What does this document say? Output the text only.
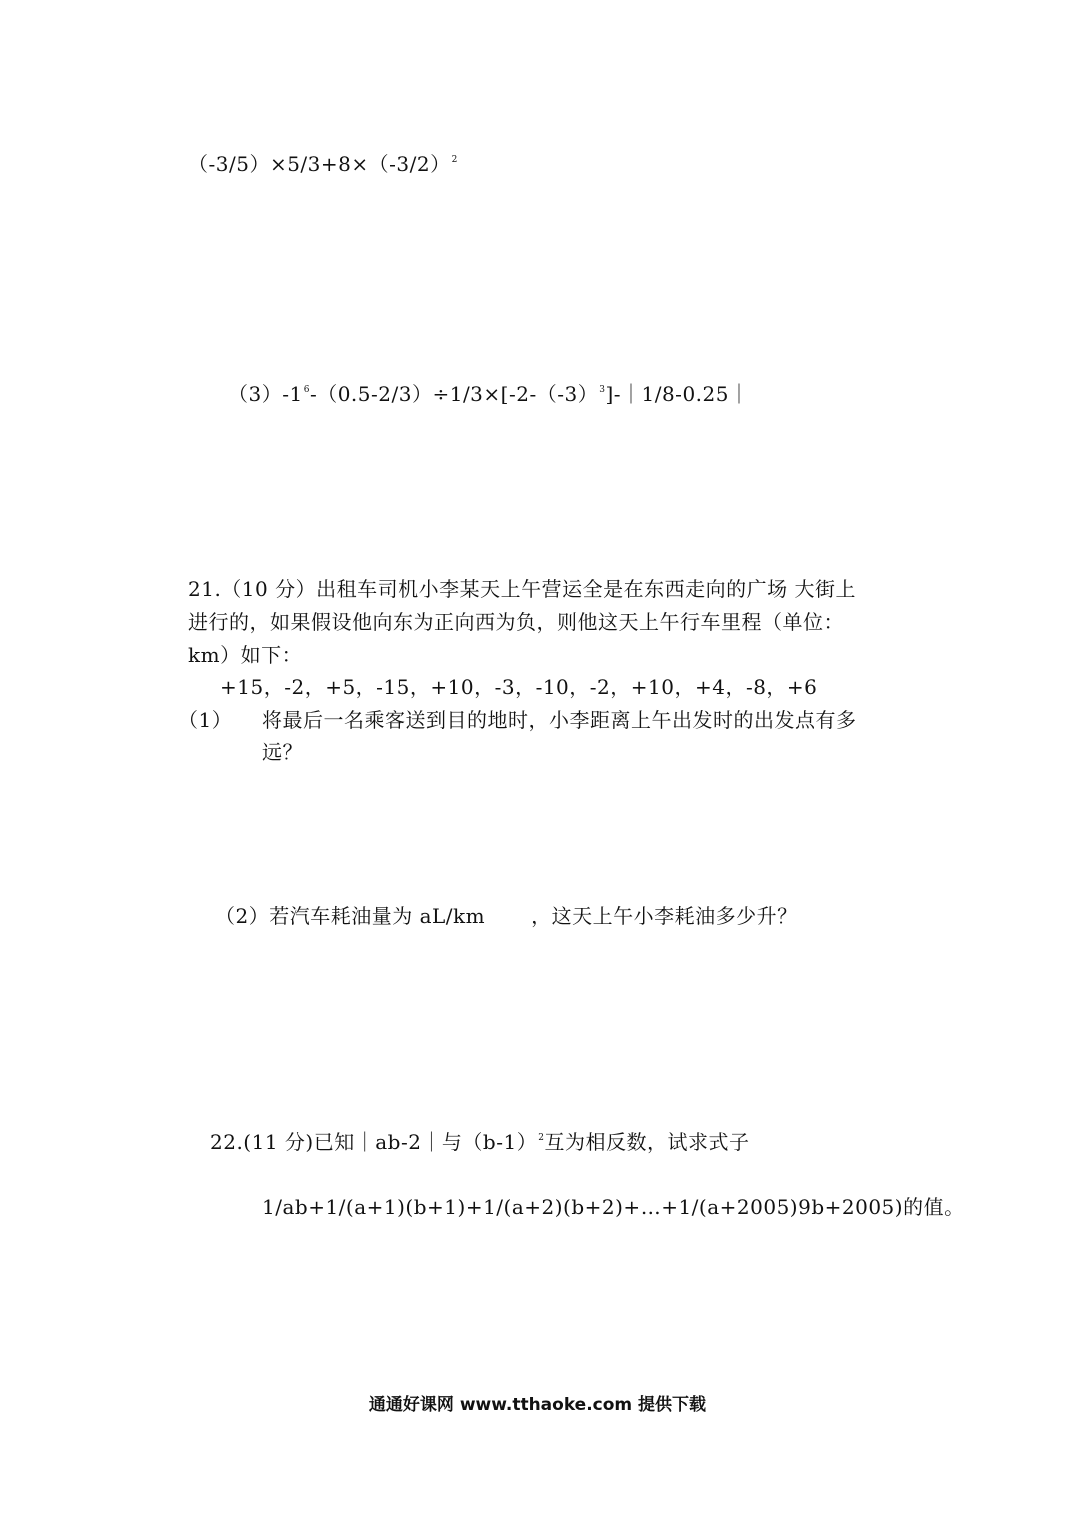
$(-3/5)\times 5/3+8\times(-3/2)^2$
$(3)-1^6-(0.5-2/3)\div 1/3\times[-2-(-3)^3]-|1/8-0.25|$
21.（10 分）出租车司机小李某天上午营运全是在东西走向的广场 大街上
进行的，如果假设他向东为正向西为负，则他这天上午行车里程（单位：
km）如下：
+15，-2，+5，-15，+10，-3，-10，-2，+10，+4，-8，+6
（1） 将最后一名乘客送到目的地时，小李距离上午出发时的出发点有多
远？
（2）若汽车耗油量为 aL/km ，这天上午小李耗油多少升？
22.(11 分)已知｜ab-2｜与$(b-1)^2$互为相反数，试求式子
1/ab+1/(a+1)(b+1)+1/(a+2)(b+2)+…+1/(a+2005)9b+2005)的值。
通通好课网 www.tthaoke.com 提供下载
